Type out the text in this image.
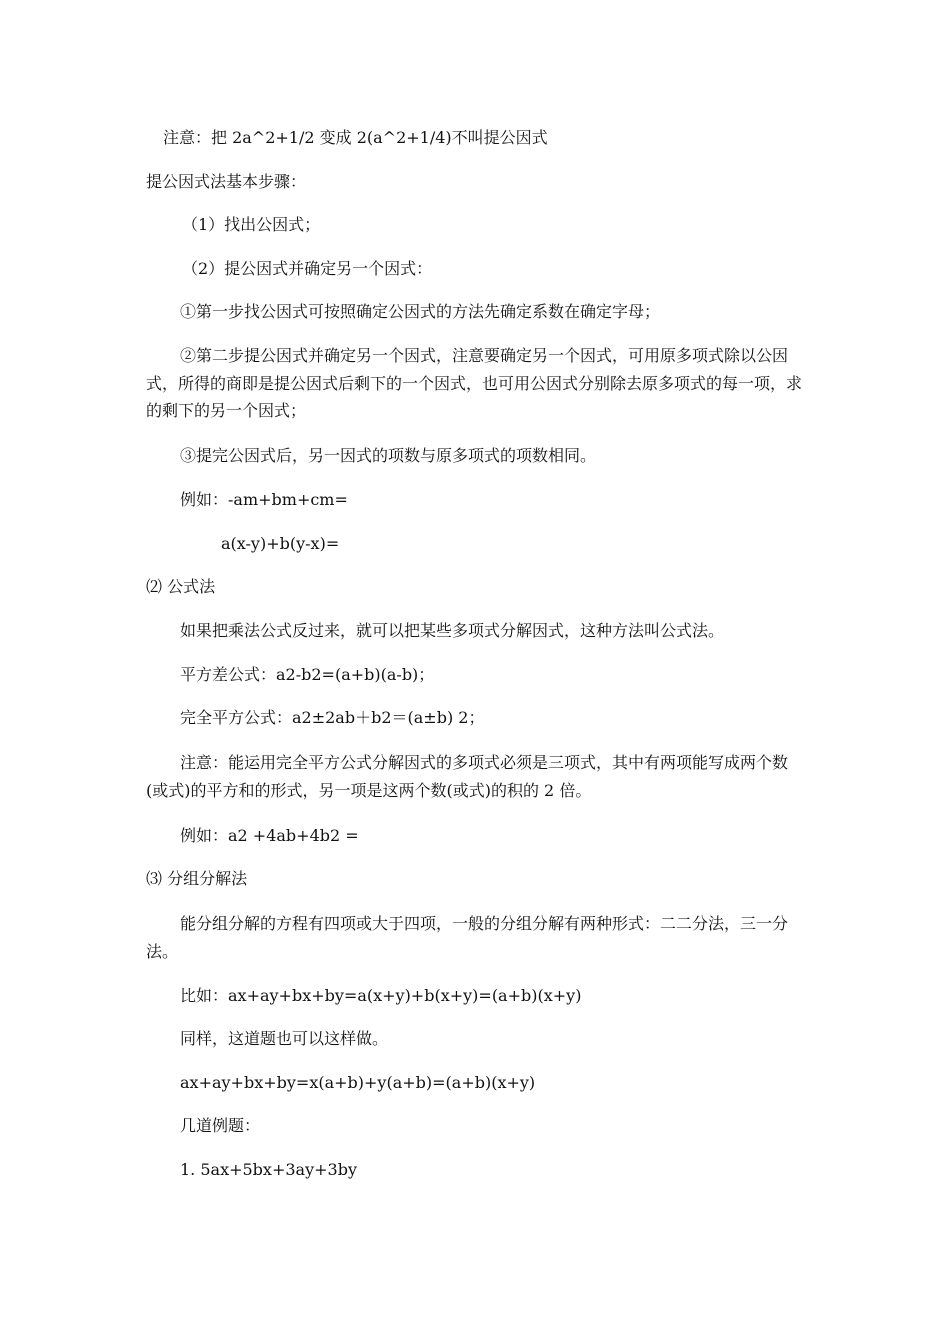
注意：把 2a^2+1/2 变成 2(a^2+1/4)不叫提公因式
提公因式法基本步骤：
（1）找出公因式；
（2）提公因式并确定另一个因式：
①第一步找公因式可按照确定公因式的方法先确定系数在确定字母；
②第二步提公因式并确定另一个因式，注意要确定另一个因式，可用原多项式除以公因式，所得的商即是提公因式后剩下的一个因式，也可用公因式分别除去原多项式的每一项，求的剩下的另一个因式；
③提完公因式后，另一因式的项数与原多项式的项数相同。
例如：-am+bm+cm=
a(x-y)+b(y-x)=
⑵ 公式法
如果把乘法公式反过来，就可以把某些多项式分解因式，这种方法叫公式法。
平方差公式：a2-b2=(a+b)(a-b)；
完全平方公式：a2±2ab＋b2＝(a±b) 2；
注意：能运用完全平方公式分解因式的多项式必须是三项式，其中有两项能写成两个数(或式)的平方和的形式，另一项是这两个数(或式)的积的 2 倍。
例如：a2 +4ab+4b2 =
⑶ 分组分解法
能分组分解的方程有四项或大于四项，一般的分组分解有两种形式：二二分法，三一分法。
比如：ax+ay+bx+by=a(x+y)+b(x+y)=(a+b)(x+y)
同样，这道题也可以这样做。
ax+ay+bx+by=x(a+b)+y(a+b)=(a+b)(x+y)
几道例题：
1. 5ax+5bx+3ay+3by
